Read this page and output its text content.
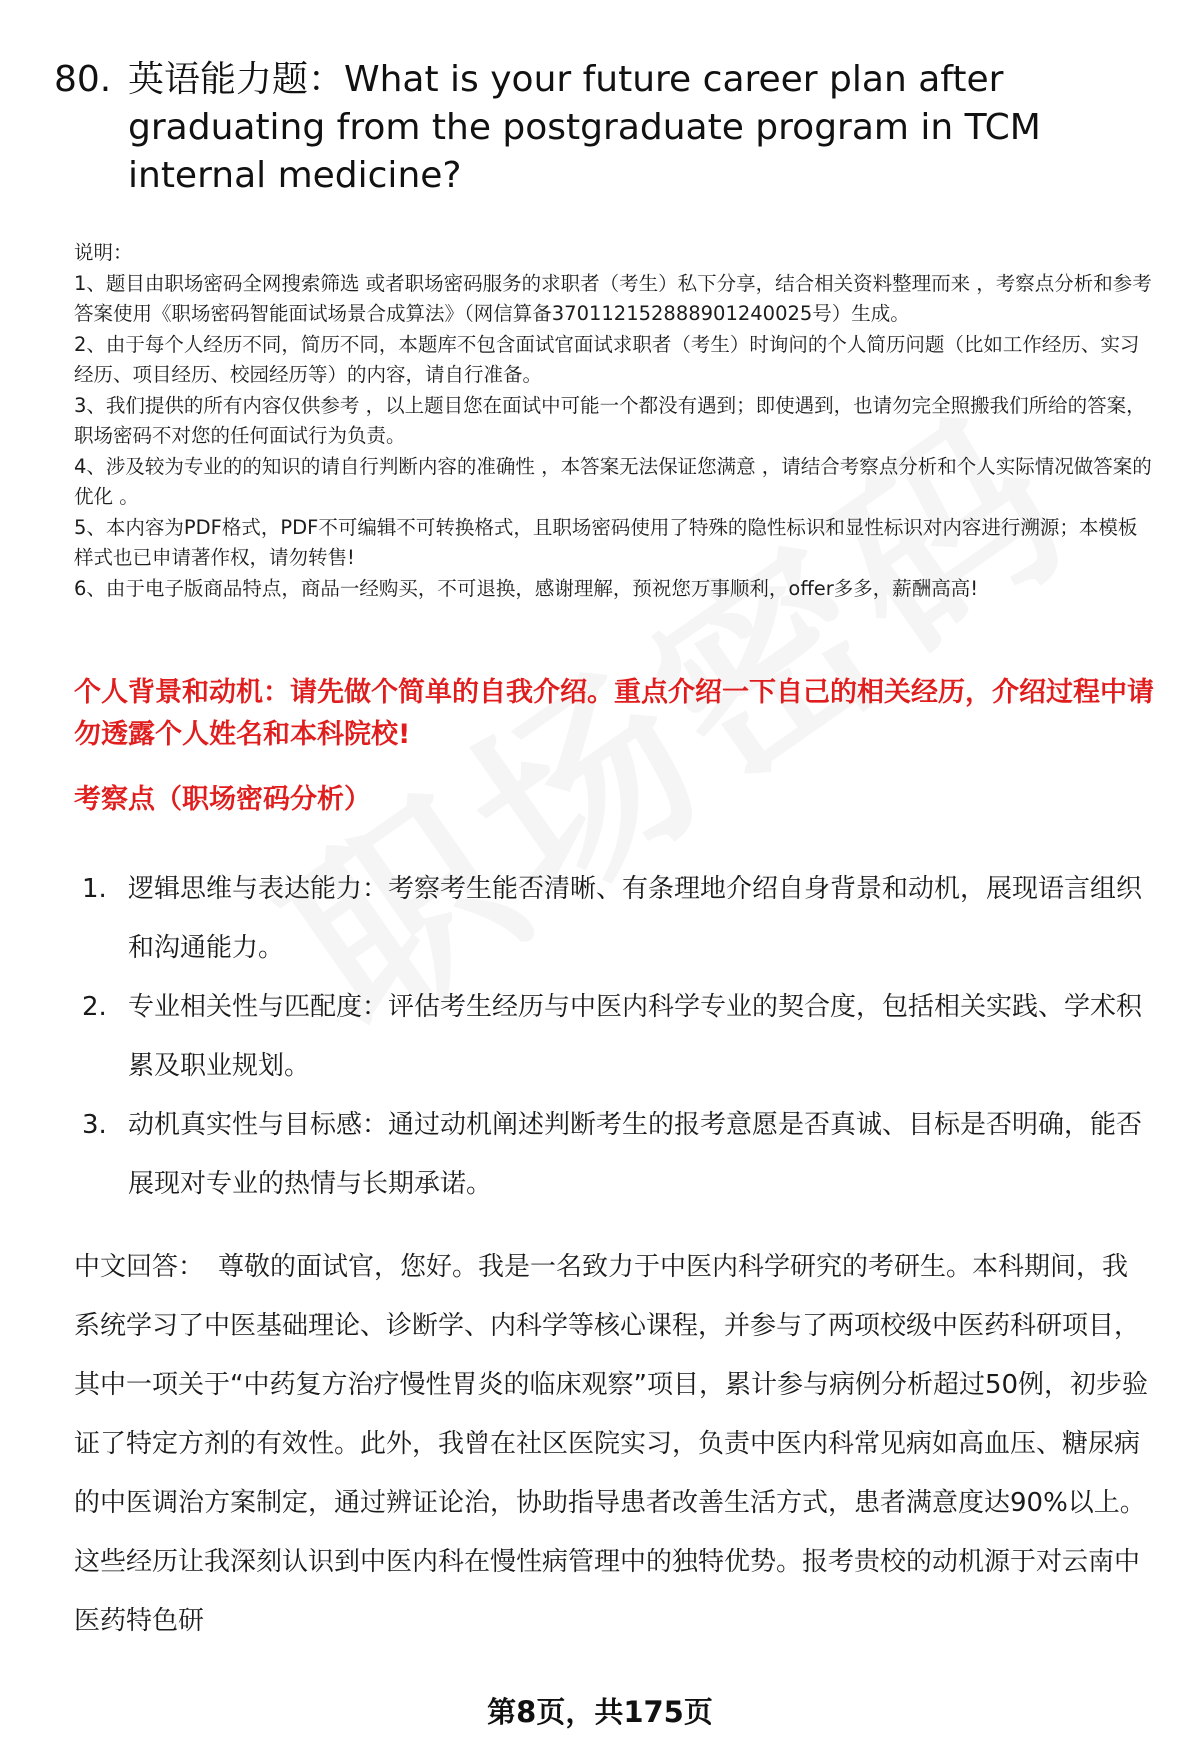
80. 英语能力题：What is your future career plan after graduating from the postgraduate program in TCM internal medicine?

说明：

1、题目由职场密码全网搜索筛选 或者职场密码服务的求职者（考生）私下分享，结合相关资料整理而来 ，考察点分析和参考答案使用《职场密码智能面试场景合成算法》（网信算备370112152888901240025号）生成。

2、由于每个人经历不同，简历不同，本题库不包含面试官面试求职者（考生）时询问的个人简历问题（比如工作经历、实习经历、项目经历、校园经历等）的内容，请自行准备。

3、我们提供的所有内容仅供参考 ，以上题目您在面试中可能一个都没有遇到；即使遇到，也请勿完全照搬我们所给的答案，职场密码不对您的任何面试行为负责。

4、涉及较为专业的的知识的请自行判断内容的准确性 ，本答案无法保证您满意 ，请结合考察点分析和个人实际情况做答案的优化 。

5、本内容为PDF格式，PDF不可编辑不可转换格式，且职场密码使用了特殊的隐性标识和显性标识对内容进行溯源；本模板样式也已申请著作权，请勿转售!

6、由于电子版商品特点，商品一经购买，不可退换，感谢理解，预祝您万事顺利，offer多多，薪酬高高!

个人背景和动机：请先做个简单的自我介绍。重点介绍一下自己的相关经历，介绍过程中请勿透露个人姓名和本科院校!
考察点（职场密码分析）
1. 逻辑思维与表达能力：考察考生能否清晰、有条理地介绍自身背景和动机，展现语言组织和沟通能力。
2. 专业相关性与匹配度：评估考生经历与中医内科学专业的契合度，包括相关实践、学术积累及职业规划。
3. 动机真实性与目标感：通过动机阐述判断考生的报考意愿是否真诚、目标是否明确，能否展现对专业的热情与长期承诺。
中文回答： 尊敬的面试官，您好。我是一名致力于中医内科学研究的考研生。本科期间，我系统学习了中医基础理论、诊断学、内科学等核心课程，并参与了两项校级中医药科研项目，其中一项关于“中药复方治疗慢性胃炎的临床观察”项目，累计参与病例分析超过50例，初步验证了特定方剂的有效性。此外，我曾在社区医院实习，负责中医内科常见病如高血压、糖尿病的中医调治方案制定，通过辨证论治，协助指导患者改善生活方式，患者满意度达90%以上。这些经历让我深刻认识到中医内科在慢性病管理中的独特优势。报考贵校的动机源于对云南中医药特色研
第8页，共175页
